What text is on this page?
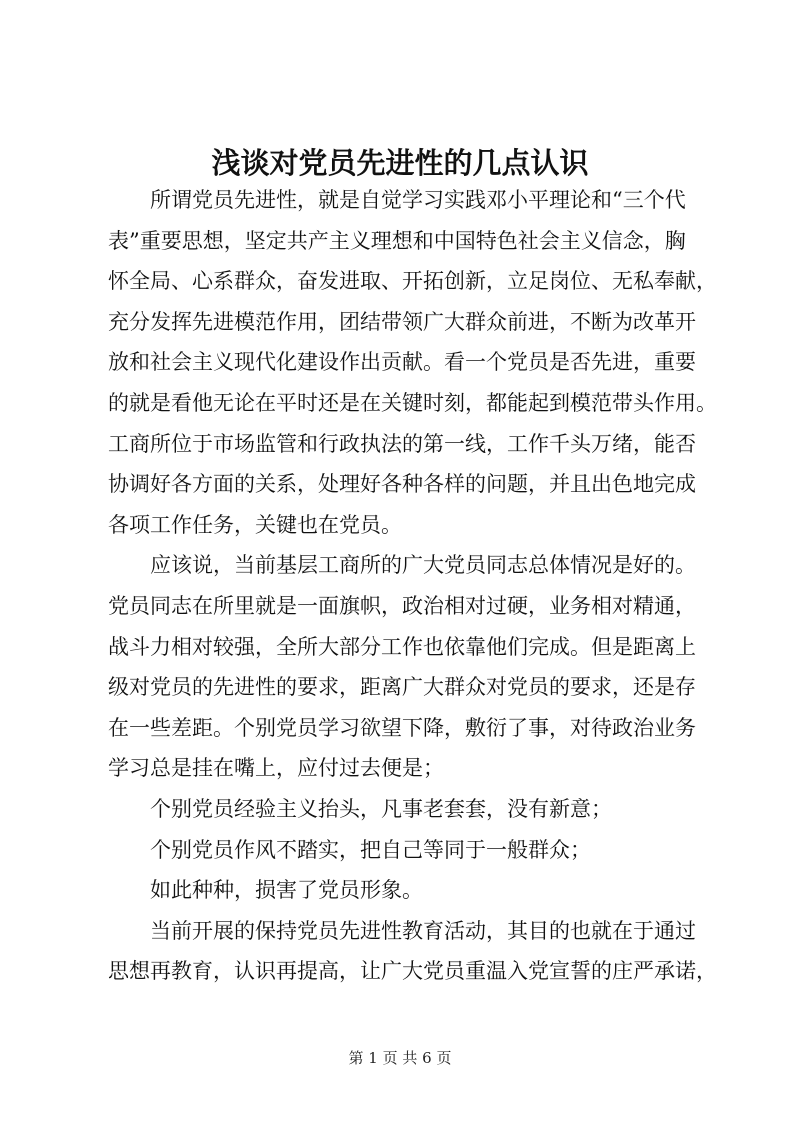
浅谈对党员先进性的几点认识

所谓党员先进性，就是自觉学习实践邓小平理论和“三个代
表”重要思想，坚定共产主义理想和中国特色社会主义信念，胸
怀全局、心系群众，奋发进取、开拓创新，立足岗位、无私奉献，
充分发挥先进模范作用，团结带领广大群众前进，不断为改革开
放和社会主义现代化建设作出贡献。看一个党员是否先进，重要
的就是看他无论在平时还是在关键时刻，都能起到模范带头作用。
工商所位于市场监管和行政执法的第一线，工作千头万绪，能否
协调好各方面的关系，处理好各种各样的问题，并且出色地完成
各项工作任务，关键也在党员。

应该说，当前基层工商所的广大党员同志总体情况是好的。
党员同志在所里就是一面旗帜，政治相对过硬，业务相对精通，
战斗力相对较强，全所大部分工作也依靠他们完成。但是距离上
级对党员的先进性的要求，距离广大群众对党员的要求，还是存
在一些差距。个别党员学习欲望下降，敷衍了事，对待政治业务
学习总是挂在嘴上，应付过去便是；

个别党员经验主义抬头，凡事老套套，没有新意；

个别党员作风不踏实，把自己等同于一般群众；

如此种种，损害了党员形象。

当前开展的保持党员先进性教育活动，其目的也就在于通过
思想再教育，认识再提高，让广大党员重温入党宣誓的庄严承诺，

第 1 页 共 6 页
